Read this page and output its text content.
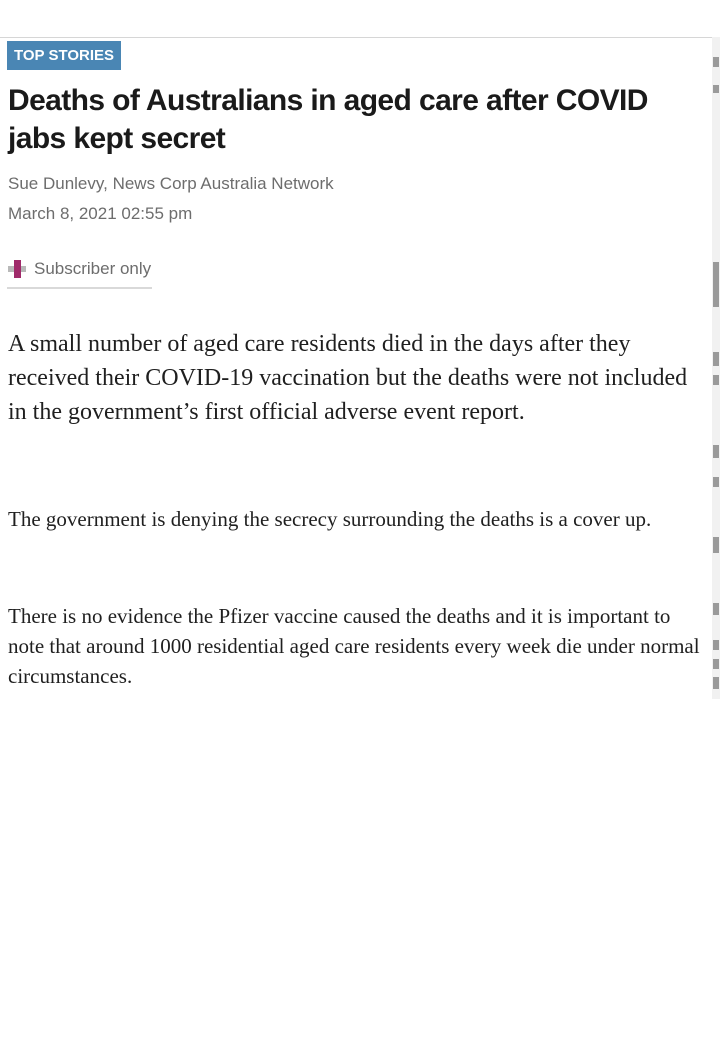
TOP STORIES
Deaths of Australians in aged care after COVID jabs kept secret
Sue Dunlevy, News Corp Australia Network
March 8, 2021 02:55 pm
Subscriber only

A small number of aged care residents died in the days after they received their COVID-19 vaccination but the deaths were not included in the government’s first official adverse event report.

The government is denying the secrecy surrounding the deaths is a cover up.

There is no evidence the Pfizer vaccine caused the deaths and it is important to note that around 1000 residential aged care residents every week die under normal circumstances.
